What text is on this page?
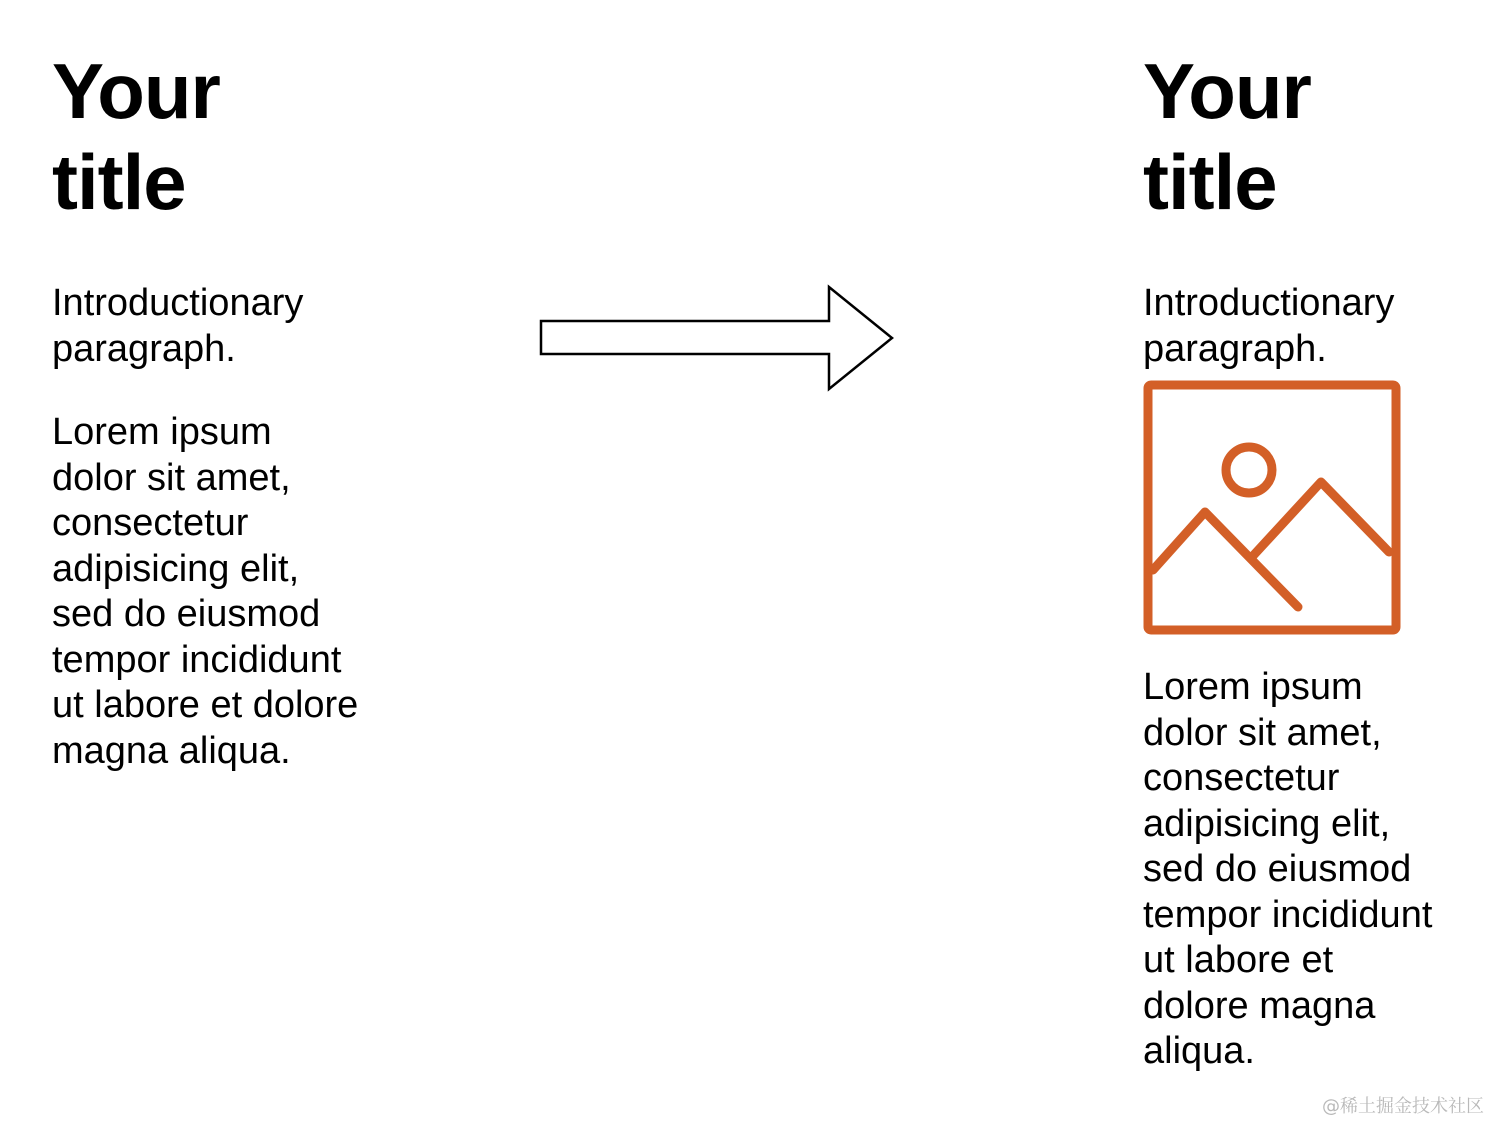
Your
title

Introductionary
paragraph.

Lorem ipsum
dolor sit amet,
consectetur
adipisicing elit,
sed do eiusmod
tempor incididunt
ut labore et dolore
magna aliqua.

Your
title

Introductionary
paragraph.

Lorem ipsum
dolor sit amet,
consectetur
adipisicing elit,
sed do eiusmod
tempor incididunt
ut labore et
dolore magna
aliqua.

@稀土掘金技术社区
